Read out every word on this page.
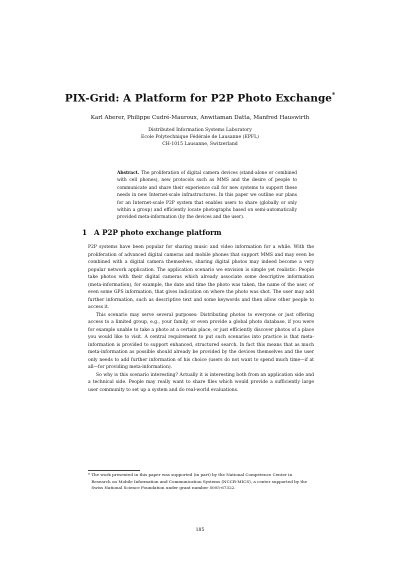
PIX-Grid: A Platform for P2P Photo Exchange*
Karl Aberer, Philippe Cudré-Mauroux, Anwitaman Datta, Manfred Hauswirth
Distributed Information Systems Laboratory
Ecole Polytechnique Fédérale de Lausanne (EPFL)
CH-1015 Lausanne, Switzerland
Abstract. The proliferation of digital camera devices (stand-alone or combined with cell phones), new protocols such as MMS and the desire of people to communicate and share their experience call for new systems to support these needs in new Internet-scale infrastructures. In this paper we outline our plans for an Internet-scale P2P system that enables users to share (globally or only within a group) and efficiently locate photographs based on semi-automatically provided meta-information (by the devices and the user).
1 A P2P photo exchange platform

P2P systems have been popular for sharing music and video information for a while. With the proliferation of advanced digital cameras and mobile phones that support MMS and may even be combined with a digital camera themselves, sharing digital photos may indeed become a very popular network application. The application scenario we envision is simple yet realistic: People take photos with their digital cameras which already associate some descriptive information (meta-information), for example, the date and time the photo was taken, the name of the user, or even some GPS information, that gives indication on where the photo was shot. The user may add further information, such as descriptive text and some keywords and then allow other people to access it.

This scenario may serve several purposes: Distributing photos to everyone or just offering access to a limited group, e.g., your family, or even provide a global photo database, if you were for example unable to take a photo at a certain place, or just efficiently discover photos of a place you would like to visit. A central requirement to put such scenarios into practice is that meta-information is provided to support enhanced, structured search. In fact this means that as much meta-information as possible should already be provided by the devices themselves and the user only needs to add further information of his choice (users do not want to spend much time—if at all—for providing meta-information).

So why is this scenario interesting? Actually it is interesting both from an application side and a technical side. People may really want to share files which would provide a sufficiently large user community to set up a system and do real-world evaluations.

* The work presented in this paper was supported (in part) by the National Competence Center in Research on Mobile Information and Communication Systems (NCCR-MICS), a center supported by the Swiss National Science Foundation under grant number 5005-67322.
185
